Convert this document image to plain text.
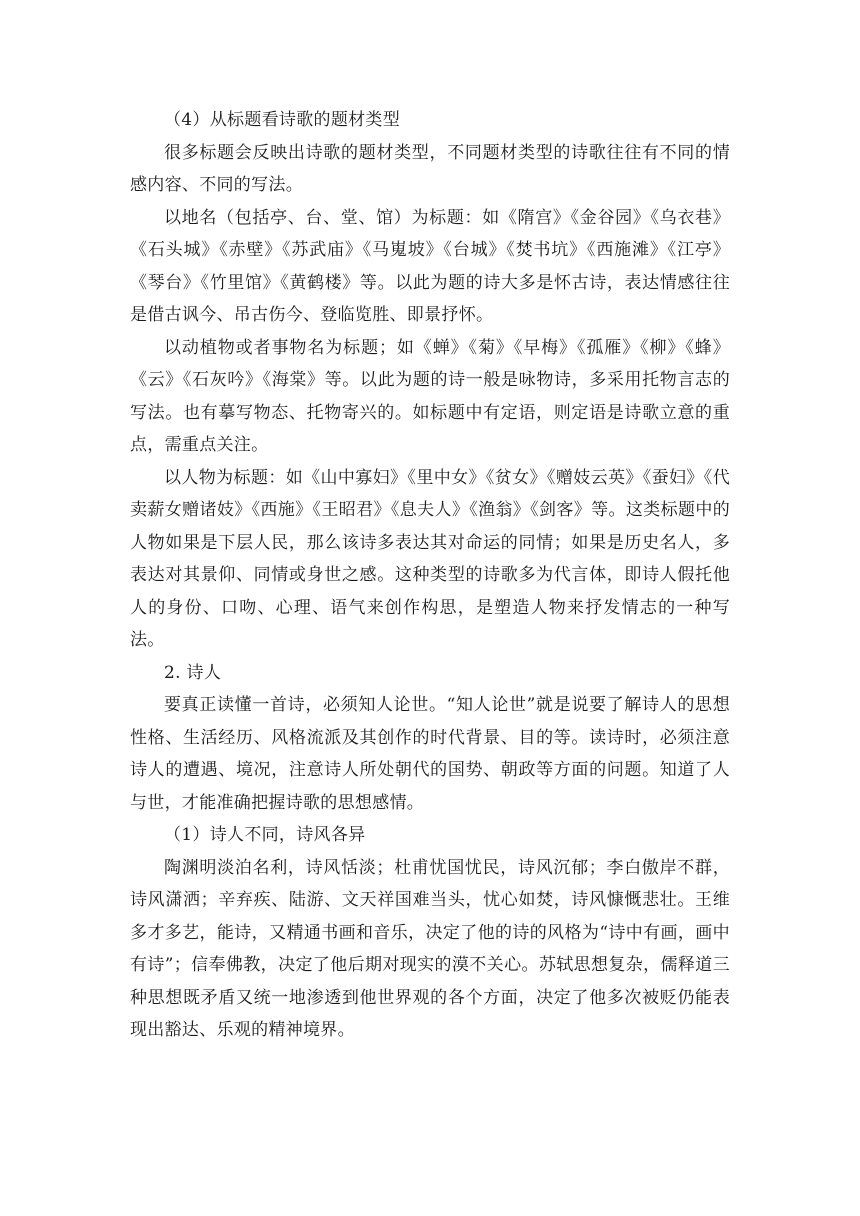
（4）从标题看诗歌的题材类型

很多标题会反映出诗歌的题材类型，不同题材类型的诗歌往往有不同的情感内容、不同的写法。

以地名（包括亭、台、堂、馆）为标题：如《隋宫》《金谷园》《乌衣巷》《石头城》《赤壁》《苏武庙》《马嵬坡》《台城》《焚书坑》《西施滩》《江亭》《琴台》《竹里馆》《黄鹤楼》等。以此为题的诗大多是怀古诗，表达情感往往是借古讽今、吊古伤今、登临览胜、即景抒怀。

以动植物或者事物名为标题；如《蝉》《菊》《早梅》《孤雁》《柳》《蜂》《云》《石灰吟》《海棠》等。以此为题的诗一般是咏物诗，多采用托物言志的写法。也有摹写物态、托物寄兴的。如标题中有定语，则定语是诗歌立意的重点，需重点关注。

以人物为标题：如《山中寡妇》《里中女》《贫女》《赠妓云英》《蚕妇》《代卖薪女赠诸妓》《西施》《王昭君》《息夫人》《渔翁》《剑客》等。这类标题中的人物如果是下层人民，那么该诗多表达其对命运的同情；如果是历史名人，多表达对其景仰、同情或身世之感。这种类型的诗歌多为代言体，即诗人假托他人的身份、口吻、心理、语气来创作构思，是塑造人物来抒发情志的一种写法。

2. 诗人

要真正读懂一首诗，必须知人论世。“知人论世”就是说要了解诗人的思想性格、生活经历、风格流派及其创作的时代背景、目的等。读诗时，必须注意诗人的遭遇、境况，注意诗人所处朝代的国势、朝政等方面的问题。知道了人与世，才能准确把握诗歌的思想感情。

（1）诗人不同，诗风各异

陶渊明淡泊名利，诗风恬淡；杜甫忧国忧民，诗风沉郁；李白傲岸不群，诗风潇洒；辛弃疾、陆游、文天祥国难当头，忧心如焚，诗风慷慨悲壮。王维多才多艺，能诗，又精通书画和音乐，决定了他的诗的风格为“诗中有画，画中有诗”；信奉佛教，决定了他后期对现实的漠不关心。苏轼思想复杂，儒释道三种思想既矛盾又统一地渗透到他世界观的各个方面，决定了他多次被贬仍能表现出豁达、乐观的精神境界。
